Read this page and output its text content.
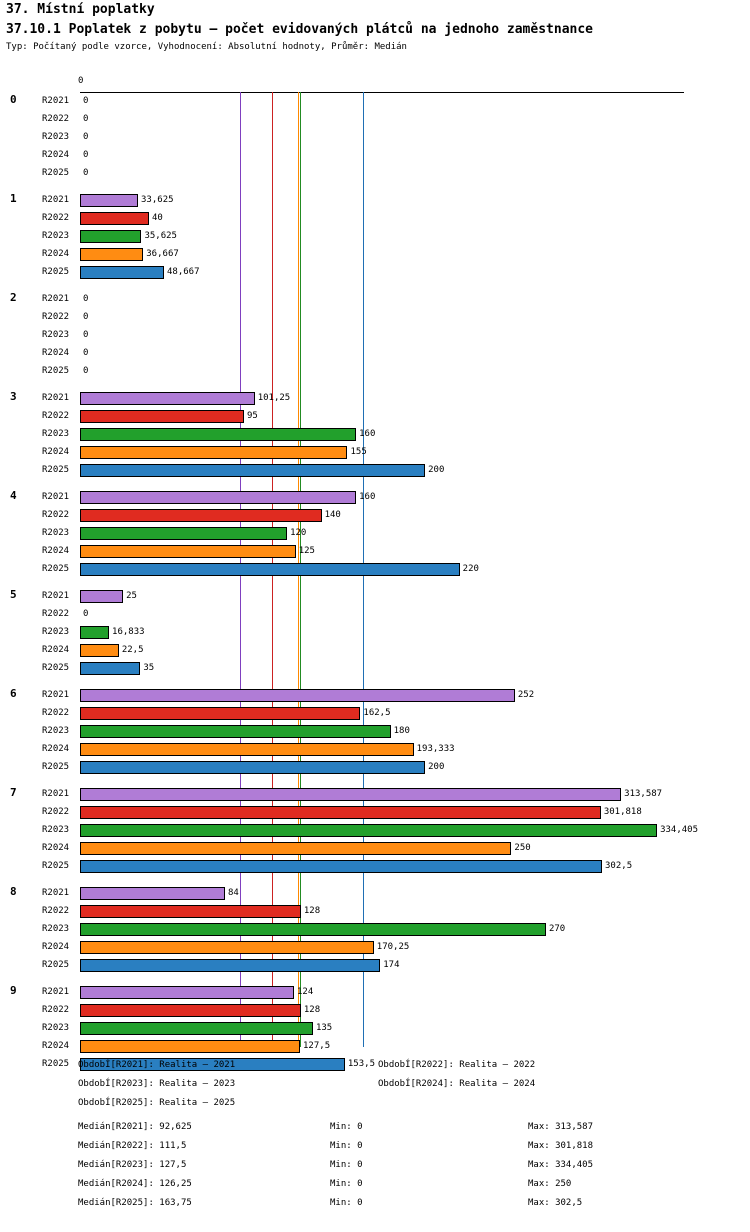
37. Místní poplatky
37.10.1 Poplatek z pobytu – počet evidovaných plátců na jednoho zaměstnance
Typ: Počítaný podle vzorce, Vyhodnocení: Absolutní hodnoty, Průměr: Medián
0
0	R2021	0
R2022	0
R2023	0
R2024	0
R2025	0
1	R2021	33,625
R2022	40
R2023	35,625
R2024	36,667
R2025	48,667
2	R2021	0
R2022	0
R2023	0
R2024	0
R2025	0
3	R2021	101,25
R2022	95
R2023	160
R2024	155
R2025	200
4	R2021	160
R2022	140
R2023	120
R2024	125
R2025	220
5	R2021	25
R2022	0
R2023	16,833
R2024	22,5
R2025	35
6	R2021	252
R2022	162,5
R2023	180
R2024	193,333
R2025	200
7	R2021	313,587
R2022	301,818
R2023	334,405
R2024	250
R2025	302,5
8	R2021	84
R2022	128
R2023	270
R2024	170,25
R2025	174
9	R2021	124
R2022	128
R2023	135
R2024	127,5
R2025	153,5
ObdobÍ[R2021]: Realita – 2021	ObdobÍ[R2022]: Realita – 2022
ObdobÍ[R2023]: Realita – 2023	ObdobÍ[R2024]: Realita – 2024
ObdobÍ[R2025]: Realita – 2025
Medián[R2021]: 92,625	Min: 0	Max: 313,587
Medián[R2022]: 111,5	Min: 0	Max: 301,818
Medián[R2023]: 127,5	Min: 0	Max: 334,405
Medián[R2024]: 126,25	Min: 0	Max: 250
Medián[R2025]: 163,75	Min: 0	Max: 302,5
